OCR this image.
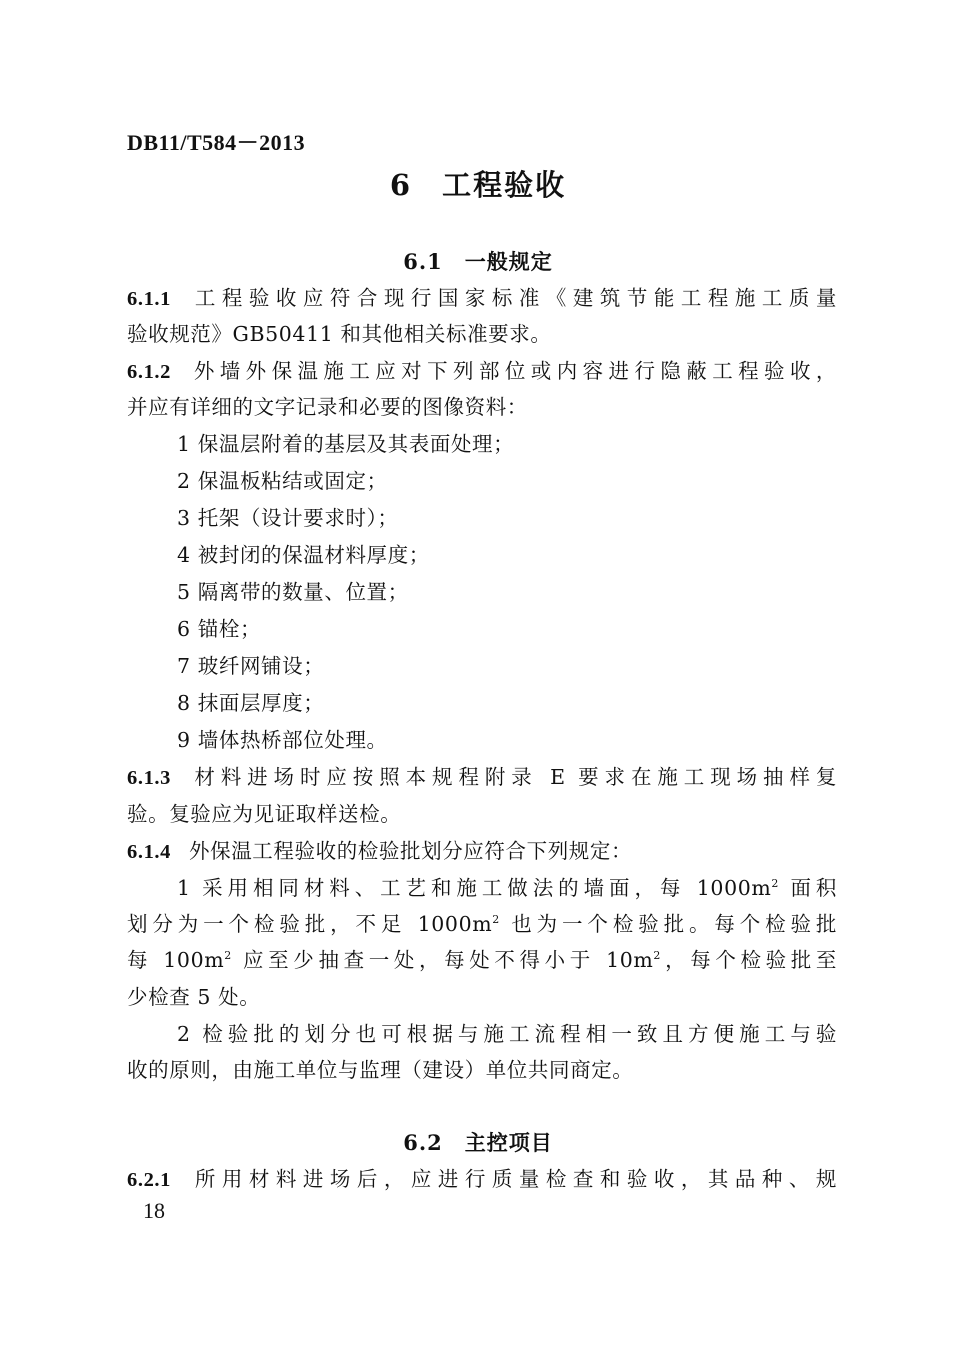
DB11/T584－2013
6 工程验收
6.1 一般规定
6.1.1 工程验收应符合现行国家标准《建筑节能工程施工质量
验收规范》GB50411 和其他相关标准要求。
6.1.2 外墙外保温施工应对下列部位或内容进行隐蔽工程验收，
并应有详细的文字记录和必要的图像资料：
1 保温层附着的基层及其表面处理；
2 保温板粘结或固定；
3 托架（设计要求时）；
4 被封闭的保温材料厚度；
5 隔离带的数量、位置；
6 锚栓；
7 玻纤网铺设；
8 抹面层厚度；
9 墙体热桥部位处理。
6.1.3 材料进场时应按照本规程附录 E 要求在施工现场抽样复
验。复验应为见证取样送检。
6.1.4 外保温工程验收的检验批划分应符合下列规定：
1 采用相同材料、工艺和施工做法的墙面，每 $1000m^2$ 面积
划分为一个检验批，不足 $1000m^2$ 也为一个检验批。每个检验批
每 $100m^2$ 应至少抽查一处，每处不得小于 $10m^2$，每个检验批至
少检查 5 处。
2 检验批的划分也可根据与施工流程相一致且方便施工与验
收的原则，由施工单位与监理（建设）单位共同商定。
6.2 主控项目
6.2.1 所用材料进场后，应进行质量检查和验收，其品种、规
18
